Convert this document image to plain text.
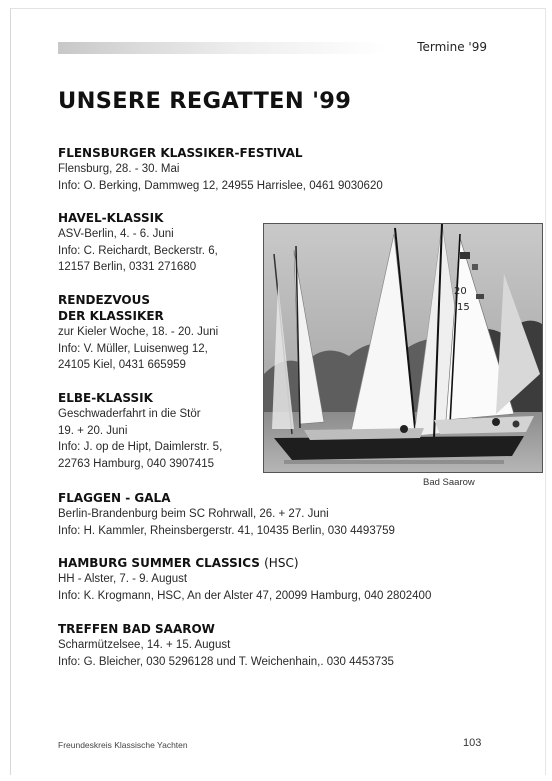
Termine '99
UNSERE REGATTEN '99
FLENSBURGER KLASSIKER-FESTIVAL
Flensburg, 28. - 30. Mai
Info: O. Berking, Dammweg 12, 24955 Harrislee, 0461 9030620
HAVEL-KLASSIK
ASV-Berlin, 4. - 6. Juni
Info: C. Reichardt, Beckerstr. 6,
12157 Berlin, 0331 271680
RENDEZVOUS
DER KLASSIKER
zur Kieler Woche, 18. - 20. Juni
Info: V. Müller, Luisenweg 12,
24105 Kiel, 0431 665959
ELBE-KLASSIK
Geschwaderfahrt in die Stör
19. + 20. Juni
Info: J. op de Hipt, Daimlerstr. 5,
22763 Hamburg, 040 3907415
FLAGGEN - GALA
Berlin-Brandenburg beim SC Rohrwall, 26. + 27. Juni
Info: H. Kammler, Rheinsbergerstr. 41, 10435 Berlin, 030 4493759
HAMBURG SUMMER CLASSICS (HSC)
HH - Alster, 7. - 9. August
Info: K. Krogmann, HSC, An der Alster 47, 20099 Hamburg, 040 2802400
TREFFEN BAD SAAROW
Scharmützelsee, 14. + 15. August
Info: G. Bleicher, 030 5296128 und T. Weichenhain,. 030 4453735
20
15
Bad Saarow
Freundeskreis Klassische Yachten	103
